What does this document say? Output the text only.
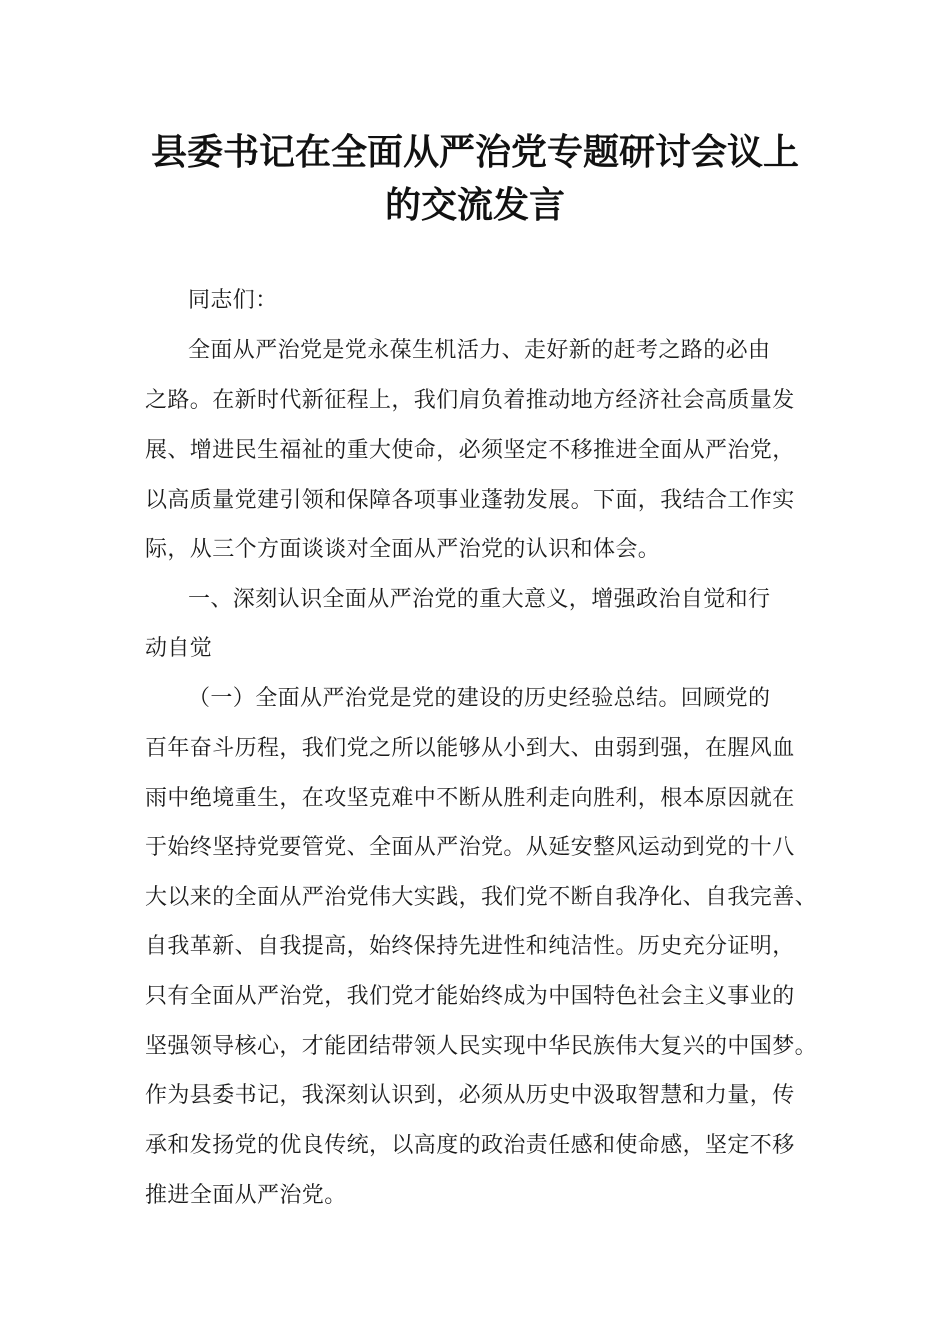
县委书记在全面从严治党专题研讨会议上
的交流发言
同志们：
全面从严治党是党永葆生机活力、走好新的赶考之路的必由
之路。在新时代新征程上，我们肩负着推动地方经济社会高质量发
展、增进民生福祉的重大使命，必须坚定不移推进全面从严治党，
以高质量党建引领和保障各项事业蓬勃发展。下面，我结合工作实
际，从三个方面谈谈对全面从严治党的认识和体会。
一、深刻认识全面从严治党的重大意义，增强政治自觉和行
动自觉
（一）全面从严治党是党的建设的历史经验总结。回顾党的
百年奋斗历程，我们党之所以能够从小到大、由弱到强，在腥风血
雨中绝境重生，在攻坚克难中不断从胜利走向胜利，根本原因就在
于始终坚持党要管党、全面从严治党。从延安整风运动到党的十八
大以来的全面从严治党伟大实践，我们党不断自我净化、自我完善、
自我革新、自我提高，始终保持先进性和纯洁性。历史充分证明，
只有全面从严治党，我们党才能始终成为中国特色社会主义事业的
坚强领导核心，才能团结带领人民实现中华民族伟大复兴的中国梦。
作为县委书记，我深刻认识到，必须从历史中汲取智慧和力量，传
承和发扬党的优良传统，以高度的政治责任感和使命感，坚定不移
推进全面从严治党。
